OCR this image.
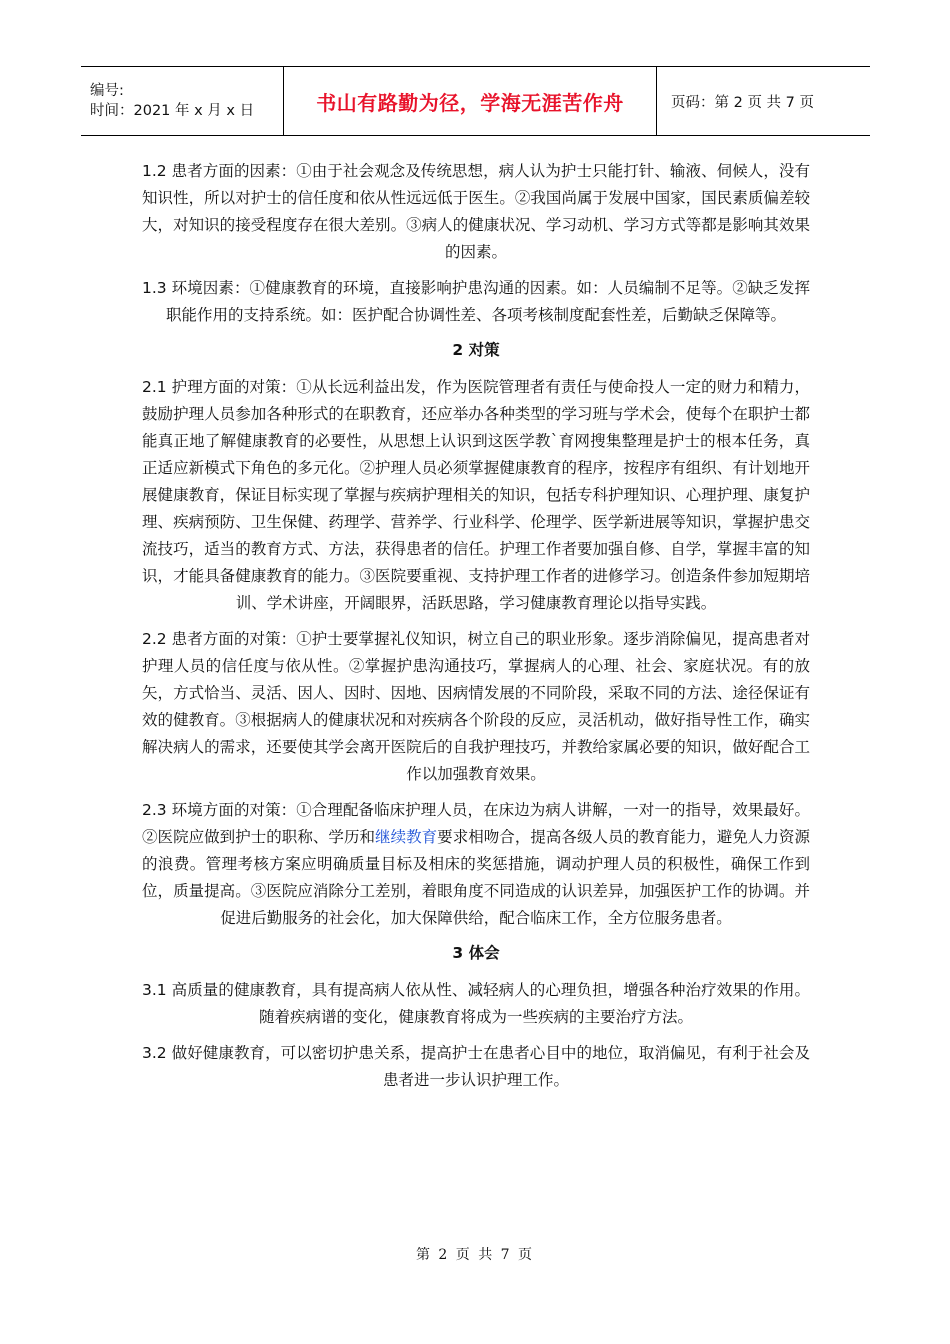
编号:
时间：2021 年 x 月 x 日	书山有路勤为径，学海无涯苦作舟	页码：第 2 页 共 7 页

1.2 患者方面的因素：①由于社会观念及传统思想，病人认为护士只能打针、输液、伺候人，没有知识性，所以对护士的信任度和依从性远远低于医生。②我国尚属于发展中国家，国民素质偏差较大，对知识的接受程度存在很大差别。③病人的健康状况、学习动机、学习方式等都是影响其效果的因素。

1.3 环境因素：①健康教育的环境，直接影响护患沟通的因素。如：人员编制不足等。②缺乏发挥职能作用的支持系统。如：医护配合协调性差、各项考核制度配套性差，后勤缺乏保障等。

2 对策

2.1 护理方面的对策：①从长远利益出发，作为医院管理者有责任与使命投人一定的财力和精力，鼓励护理人员参加各种形式的在职教育，还应举办各种类型的学习班与学术会，使每个在职护士都能真正地了解健康教育的必要性，从思想上认识到这医学教`育网搜集整理是护士的根本任务，真正适应新模式下角色的多元化。②护理人员必须掌握健康教育的程序，按程序有组织、有计划地开展健康教育，保证目标实现了掌握与疾病护理相关的知识，包括专科护理知识、心理护理、康复护理、疾病预防、卫生保健、药理学、营养学、行业科学、伦理学、医学新进展等知识，掌握护患交流技巧，适当的教育方式、方法，获得患者的信任。护理工作者要加强自修、自学，掌握丰富的知识，才能具备健康教育的能力。③医院要重视、支持护理工作者的进修学习。创造条件参加短期培训、学术讲座，开阔眼界，活跃思路，学习健康教育理论以指导实践。

2.2 患者方面的对策：①护士要掌握礼仪知识，树立自己的职业形象。逐步消除偏见，提高患者对护理人员的信任度与依从性。②掌握护患沟通技巧，掌握病人的心理、社会、家庭状况。有的放矢，方式恰当、灵活、因人、因时、因地、因病情发展的不同阶段，采取不同的方法、途径保证有效的健教育。③根据病人的健康状况和对疾病各个阶段的反应，灵活机动，做好指导性工作，确实解决病人的需求，还要使其学会离开医院后的自我护理技巧，并教给家属必要的知识，做好配合工作以加强教育效果。

2.3 环境方面的对策：①合理配备临床护理人员，在床边为病人讲解，一对一的指导，效果最好。②医院应做到护士的职称、学历和继续教育要求相吻合，提高各级人员的教育能力，避免人力资源的浪费。管理考核方案应明确质量目标及相床的奖惩措施，调动护理人员的积极性，确保工作到位，质量提高。③医院应消除分工差别，着眼角度不同造成的认识差异，加强医护工作的协调。并促进后勤服务的社会化，加大保障供给，配合临床工作，全方位服务患者。

3 体会

3.1 高质量的健康教育，具有提高病人依从性、减轻病人的心理负担，增强各种治疗效果的作用。随着疾病谱的变化，健康教育将成为一些疾病的主要治疗方法。

3.2 做好健康教育，可以密切护患关系，提高护士在患者心目中的地位，取消偏见，有利于社会及患者进一步认识护理工作。

第 2 页 共 7 页
